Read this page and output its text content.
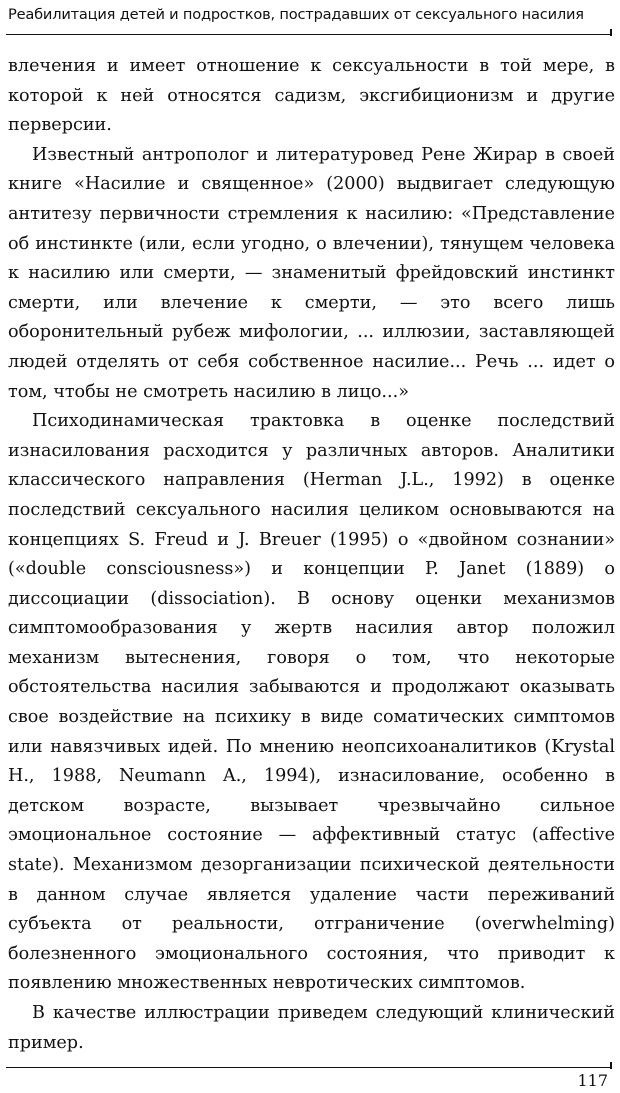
Реабилитация детей и подростков, пострадавших от сексуального насилия

влечения и имеет отношение к сексуальности в той мере, в которой к ней относятся садизм, эксгибиционизм и другие перверсии.

Известный антрополог и литературовед Рене Жирар в своей книге «Насилие и священное» (2000) выдвигает следующую антитезу первичности стремления к насилию: «Представление об инстинкте (или, если угодно, о влечении), тянущем человека к насилию или смерти, — знаменитый фрейдовский инстинкт смерти, или влечение к смерти, — это всего лишь оборонительный рубеж мифологии, ... иллюзии, заставляющей людей отделять от себя собственное насилие... Речь ... идет о том, чтобы не смотреть насилию в лицо...»

Психодинамическая трактовка в оценке последствий изнасилования расходится у различных авторов. Аналитики классического направления (Herman J.L., 1992) в оценке последствий сексуального насилия целиком основываются на концепциях S. Freud и J. Breuer (1995) о «двойном сознании» («double consciousness») и концепции P. Janet (1889) о диссоциации (dissociation). В основу оценки механизмов симптомообразования у жертв насилия автор положил механизм вытеснения, говоря о том, что некоторые обстоятельства насилия забываются и продолжают оказывать свое воздействие на психику в виде соматических симптомов или навязчивых идей. По мнению неопсихоаналитиков (Krystal H., 1988, Neumann A., 1994), изнасилование, особенно в детском возрасте, вызывает чрезвычайно сильное эмоциональное состояние — аффективный статус (affective state). Механизмом дезорганизации психической деятельности в данном случае является удаление части переживаний субъекта от реальности, отграничение (overwhelming) болезненного эмоционального состояния, что приводит к появлению множественных невротических симптомов.

В качестве иллюстрации приведем следующий клинический пример.

117
